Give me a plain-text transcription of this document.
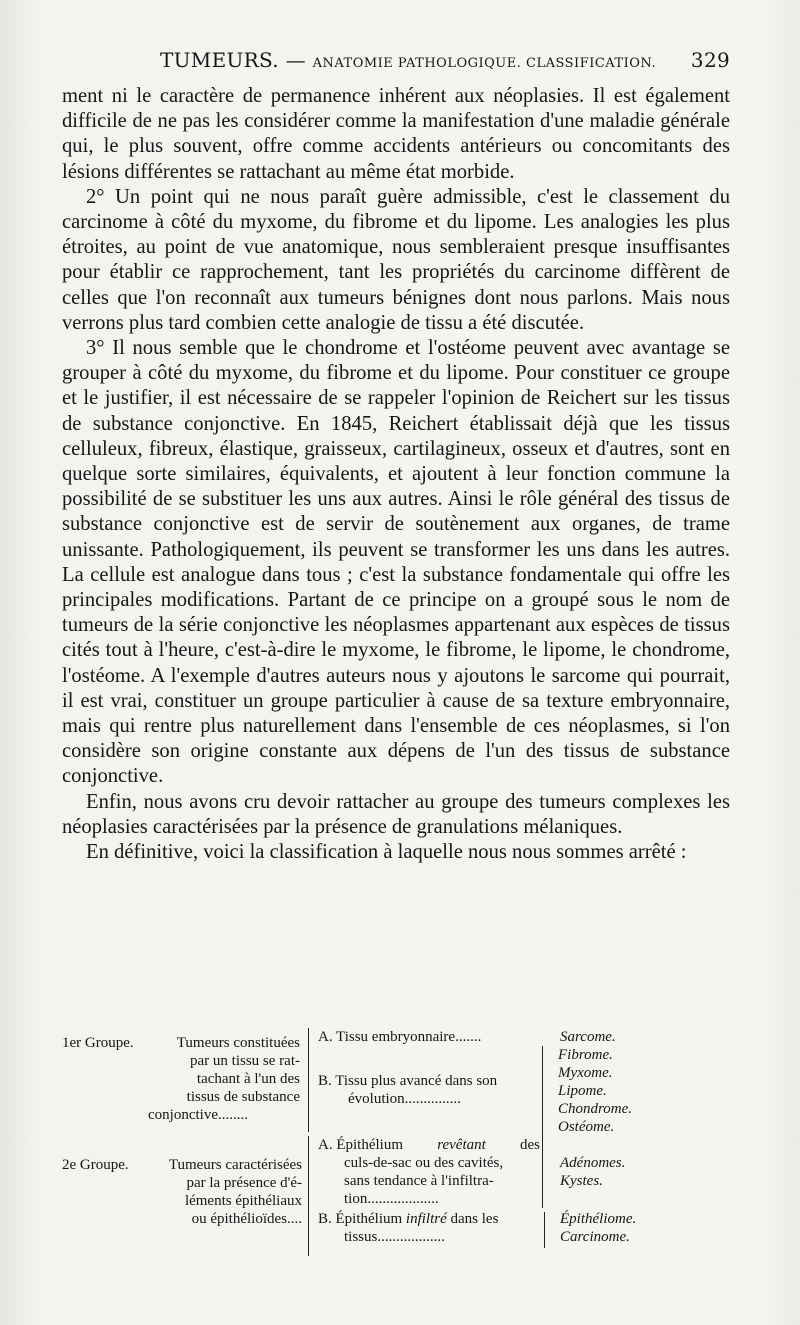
TUMEURS. — ANATOMIE PATHOLOGIQUE. CLASSIFICATION. 329

ment ni le caractère de permanence inhérent aux néoplasies. Il est également difficile de ne pas les considérer comme la manifestation d'une maladie générale qui, le plus souvent, offre comme accidents antérieurs ou concomitants des lésions différentes se rattachant au même état morbide.

2° Un point qui ne nous paraît guère admissible, c'est le classement du carcinome à côté du myxome, du fibrome et du lipome. Les analogies les plus étroites, au point de vue anatomique, nous sembleraient presque insuffisantes pour établir ce rapprochement, tant les propriétés du carcinome diffèrent de celles que l'on reconnaît aux tumeurs bénignes dont nous parlons. Mais nous verrons plus tard combien cette analogie de tissu a été discutée.

3° Il nous semble que le chondrome et l'ostéome peuvent avec avantage se grouper à côté du myxome, du fibrome et du lipome. Pour constituer ce groupe et le justifier, il est nécessaire de se rappeler l'opinion de Reichert sur les tissus de substance conjonctive. En 1845, Reichert établissait déjà que les tissus celluleux, fibreux, élastique, graisseux, cartilagineux, osseux et d'autres, sont en quelque sorte similaires, équivalents, et ajoutent à leur fonction commune la possibilité de se substituer les uns aux autres. Ainsi le rôle général des tissus de substance conjonctive est de servir de soutènement aux organes, de trame unissante. Pathologiquement, ils peuvent se transformer les uns dans les autres. La cellule est analogue dans tous ; c'est la substance fondamentale qui offre les principales modifications. Partant de ce principe on a groupé sous le nom de tumeurs de la série conjonctive les néoplasmes appartenant aux espèces de tissus cités tout à l'heure, c'est-à-dire le myxome, le fibrome, le lipome, le chondrome, l'ostéome. A l'exemple d'autres auteurs nous y ajoutons le sarcome qui pourrait, il est vrai, constituer un groupe particulier à cause de sa texture embryonnaire, mais qui rentre plus naturellement dans l'ensemble de ces néoplasmes, si l'on considère son origine constante aux dépens de l'un des tissus de substance conjonctive.

Enfin, nous avons cru devoir rattacher au groupe des tumeurs complexes les néoplasies caractérisées par la présence de granulations mélaniques.

En définitive, voici la classification à laquelle nous nous sommes arrêté :

1er Groupe.	Tumeurs constituées
par un tissu se rat-
tachant à l'un des
tissus de substance
conjonctive........
A. Tissu embryonnaire.......
B. Tissu plus avancé dans son
évolution...............
Sarcome.
Fibrome.
Myxome.
Lipome.
Chondrome.
Ostéome.
2e Groupe.	Tumeurs caractérisées
par la présence d'é-
léments épithéliaux
ou épithélioïdes....
A. Épithélium revêtant des
culs-de-sac ou des cavités,
sans tendance à l'infiltra-
tion...................
Adénomes.
Kystes.
B. Épithélium infiltré dans les
tissus..................
Épithéliome.
Carcinome.
